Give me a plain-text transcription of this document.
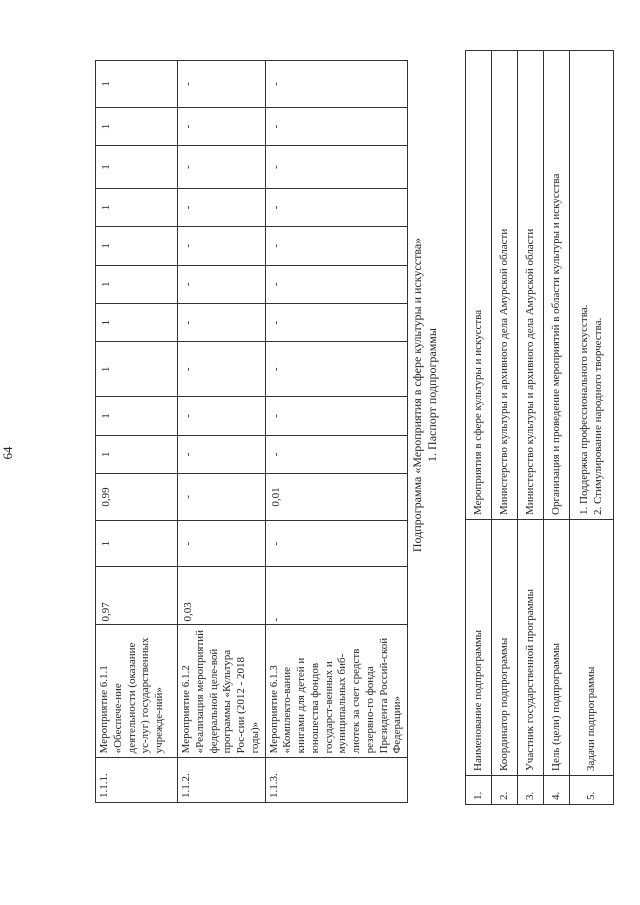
64
1.1.1.	Мероприятие 6.1.1 «Обеспече-ние деятельности (оказание ус-луг) государственных учрежде-ний»	0,97	1	0,99	1	1	1	1	1	1	1	1	1	1
1.1.2.	Мероприятие 6.1.2 «Реализация мероприятий федеральной целе-вой программы «Культура Рос-сии (2012 - 2018 годы)»	0,03	-	-	-	-	-	-	-	-	-	-	-	-
1.1.3.	Мероприятие 6.1.3 «Комплекто-вание книгами для детей и юношества фондов государст-венных и муниципальных биб-лиотек за счет средств резервно-го фонда Президента Россий-ской Федерации»	-	-	0,01	-	-	-	-	-	-	-	-	-	-
Подпрограмма «Мероприятия в сфере культуры и искусства» 1. Паспорт подпрограммы
1.	Наименование подпрограммы	Мероприятия в сфере культуры и искусства
2.	Координатор подпрограммы	Министерство культуры и архивного дела Амурской области
3.	Участник государственной программы	Министерство культуры и архивного дела Амурской области
4.	Цель (цели) подпрограммы	Организация и проведение мероприятий в области культуры и искусства
5.	Задачи подпрограммы	1. Поддержка профессионального искусства. 2. Стимулирование народного творчества.
